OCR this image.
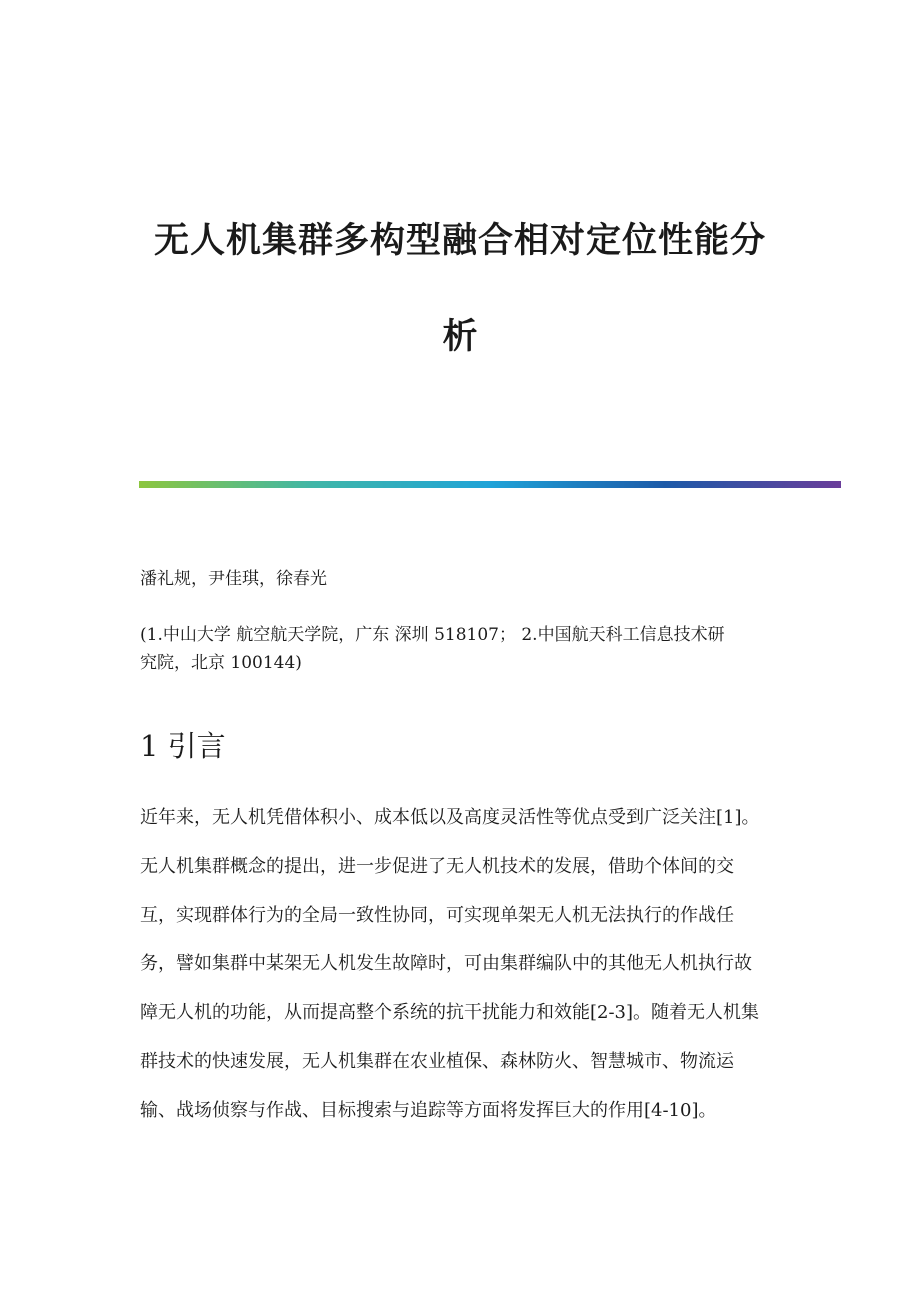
无人机集群多构型融合相对定位性能分
析
潘礼规，尹佳琪，徐春光
(1.中山大学 航空航天学院，广东 深圳 518107； 2.中国航天科工信息技术研
究院，北京 100144)
1 引言
近年来，无人机凭借体积小、成本低以及高度灵活性等优点受到广泛关注[1]。
无人机集群概念的提出，进一步促进了无人机技术的发展，借助个体间的交
互，实现群体行为的全局一致性协同，可实现单架无人机无法执行的作战任
务，譬如集群中某架无人机发生故障时，可由集群编队中的其他无人机执行故
障无人机的功能，从而提高整个系统的抗干扰能力和效能[2-3]。随着无人机集
群技术的快速发展，无人机集群在农业植保、森林防火、智慧城市、物流运
输、战场侦察与作战、目标搜索与追踪等方面将发挥巨大的作用[4-10]。
